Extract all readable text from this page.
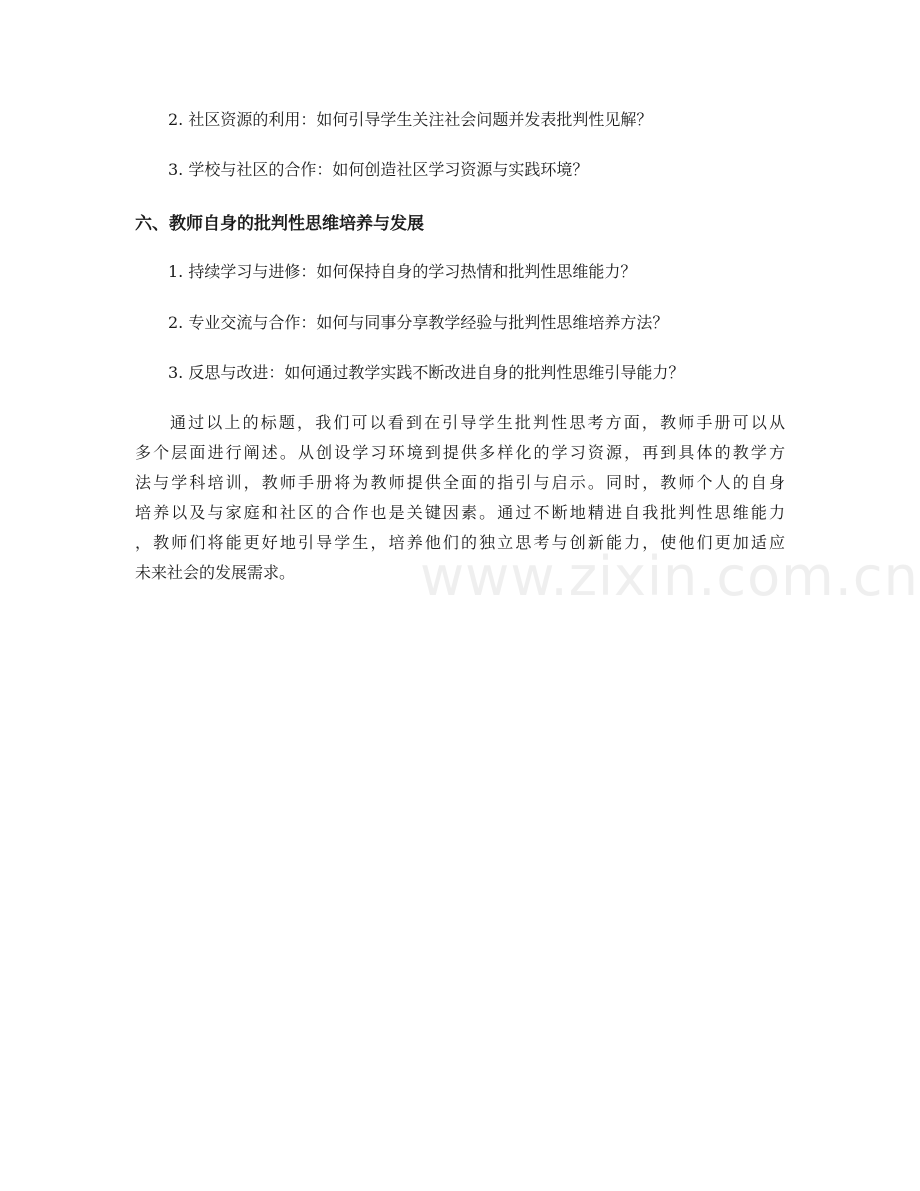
2. 社区资源的利用：如何引导学生关注社会问题并发表批判性见解？
3. 学校与社区的合作：如何创造社区学习资源与实践环境？
六、教师自身的批判性思维培养与发展
1. 持续学习与进修：如何保持自身的学习热情和批判性思维能力？
2. 专业交流与合作：如何与同事分享教学经验与批判性思维培养方法？
3. 反思与改进：如何通过教学实践不断改进自身的批判性思维引导能力？
通过以上的标题，我们可以看到在引导学生批判性思考方面，教师手册可以从
多个层面进行阐述。从创设学习环境到提供多样化的学习资源，再到具体的教学方
法与学科培训，教师手册将为教师提供全面的指引与启示。同时，教师个人的自身
培养以及与家庭和社区的合作也是关键因素。通过不断地精进自我批判性思维能力
，教师们将能更好地引导学生，培养他们的独立思考与创新能力，使他们更加适应
未来社会的发展需求。	www.zixin.com.cn
